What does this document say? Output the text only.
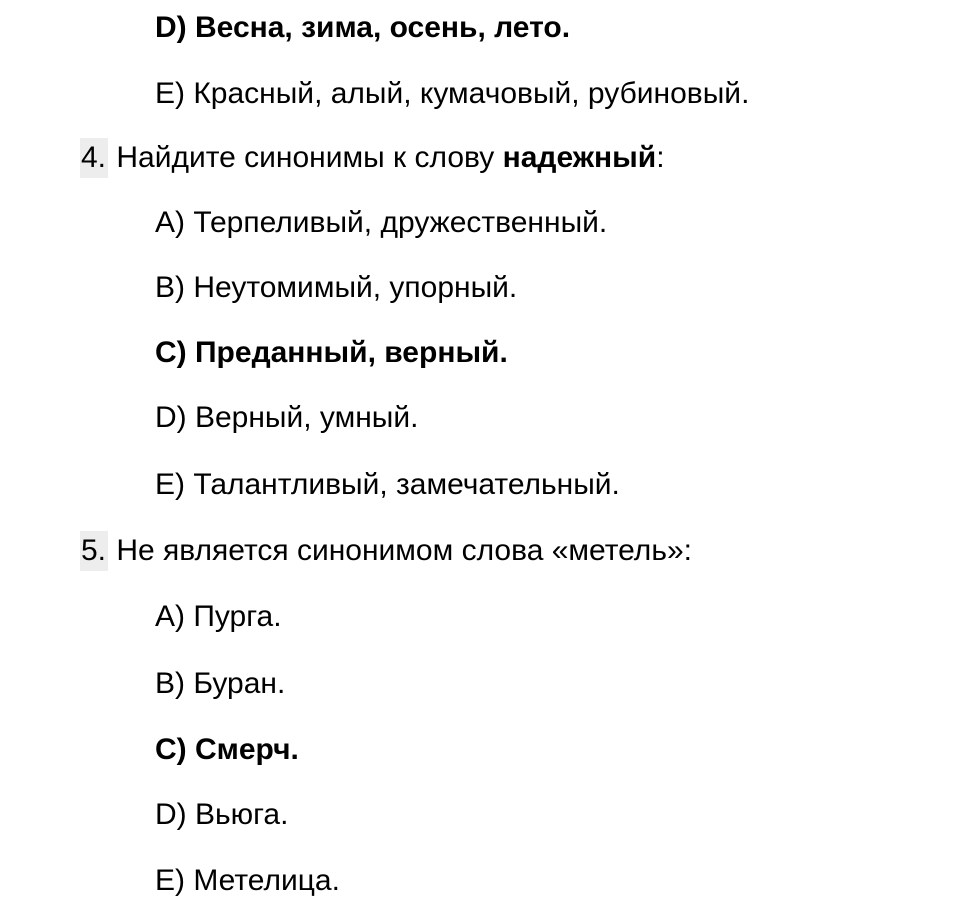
D) Весна, зима, осень, лето.
E) Красный, алый, кумачовый, рубиновый.
4. Найдите синонимы к слову надежный:
A) Терпеливый, дружественный.
B) Неутомимый, упорный.
C) Преданный, верный.
D) Верный, умный.
E) Талантливый, замечательный.
5. Не является синонимом слова «метель»:
A) Пурга.
B) Буран.
C) Смерч.
D) Вьюга.
E) Метелица.
